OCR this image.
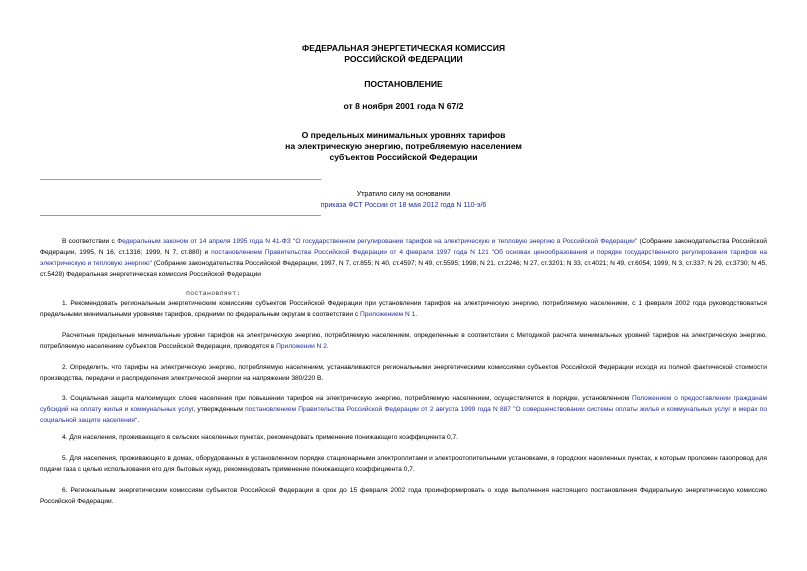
ФЕДЕРАЛЬНАЯ ЭНЕРГЕТИЧЕСКАЯ КОМИССИЯ
РОССИЙСКОЙ ФЕДЕРАЦИИ
ПОСТАНОВЛЕНИЕ
от 8 ноября 2001 года N 67/2
О предельных минимальных уровнях тарифов
на электрическую энергию, потребляемую населением
субъектов Российской Федерации
Утратило силу на основании
приказа ФСТ России от 18 мая 2012 года N 110-э/6
В соответствии с Федеральным законом от 14 апреля 1995 года N 41-ФЗ "О государственном регулировании тарифов на электрическую и тепловую энергию в Российской Федерации" (Собрание законодательства Российской Федерации, 1995, N 16, ст.1316; 1999, N 7, ст.880) и постановлением Правительства Российской Федерации от 4 февраля 1997 года N 121 "Об основах ценообразования и порядке государственного регулирования тарифов на электрическую и тепловую энергию" (Собрание законодательства Российской Федерации, 1997, N 7, ст.855; N 40, ст.4597; N 49, ст.5595; 1998, N 21, ст.2246; N 27, ст.3201; N 33, ст.4021; N 49, ст.6054; 1999, N 3, ст.337; N 29, ст.3730; N 45, ст.5428) Федеральная энергетическая комиссия Российской Федерации
постановляет:
1. Рекомендовать региональным энергетическим комиссиям субъектов Российской Федерации при установлении тарифов на электрическую энергию, потребляемую населением, с 1 февраля 2002 года руководствоваться предельными минимальными уровнями тарифов, средними по федеральным округам в соответствии с Приложением N 1.
Расчетные предельные минимальные уровни тарифов на электрическую энергию, потребляемую населением, определенные в соответствии с Методикой расчета минимальных уровней тарифов на электрическую энергию, потребляемую населением субъектов Российской Федерации, приводятся в Приложении N 2.
2. Определить, что тарифы на электрическую энергию, потребляемую населением, устанавливаются региональными энергетическими комиссиями субъектов Российской Федерации исходя из полной фактической стоимости производства, передачи и распределения электрической энергии на напряжении 380/220 В.
3. Социальная защита малоимущих слоев населения при повышении тарифов на электрическую энергию, потребляемую населением, осуществляется в порядке, установленном Положением о предоставлении гражданам субсидий на оплату жилья и коммунальных услуг, утвержденным постановлением Правительства Российской Федерации от 2 августа 1999 года N 887 "О совершенствовании системы оплаты жилья и коммунальных услуг и мерах по социальной защите населения".
4. Для населения, проживающего в сельских населенных пунктах, рекомендовать применение понижающего коэффициента 0,7.
5. Для населения, проживающего в домах, оборудованных в установленном порядке стационарными электроплитами и электроотопительными установками, в городских населенных пунктах, к которым проложен газопровод для подачи газа с целью использования его для бытовых нужд, рекомендовать применение понижающего коэффициента 0,7.
6. Региональным энергетическим комиссиям субъектов Российской Федерации в срок до 15 февраля 2002 года проинформировать о ходе выполнения настоящего постановления Федеральную энергетическую комиссию Российской Федерации.
